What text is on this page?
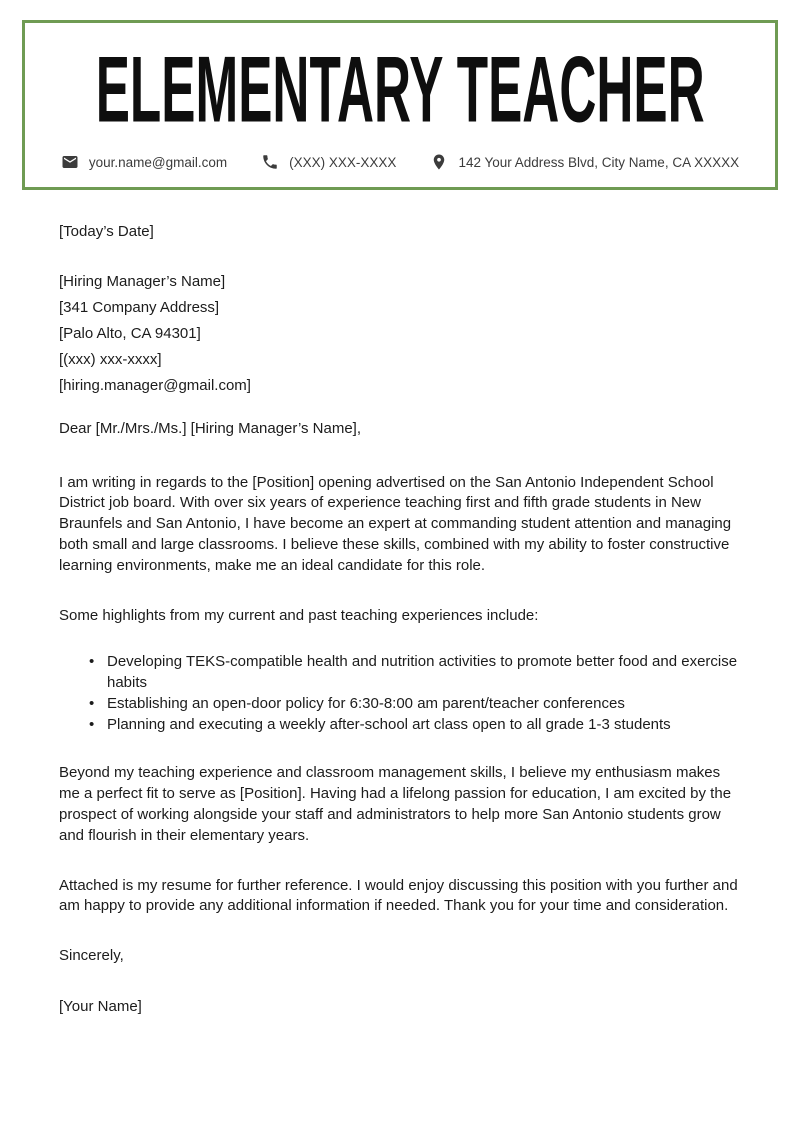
ELEMENTARY TEACHER
your.name@gmail.com	(XXX) XXX-XXXX	142 Your Address Blvd, City Name, CA XXXXX
[Today’s Date]
[Hiring Manager’s Name]
[341 Company Address]
[Palo Alto, CA 94301]
[(xxx) xxx-xxxx]
[hiring.manager@gmail.com]
Dear [Mr./Mrs./Ms.] [Hiring Manager’s Name],

I am writing in regards to the [Position] opening advertised on the San Antonio Independent School District job board. With over six years of experience teaching first and fifth grade students in New Braunfels and San Antonio, I have become an expert at commanding student attention and managing both small and large classrooms. I believe these skills, combined with my ability to foster constructive learning environments, make me an ideal candidate for this role.

Some highlights from my current and past teaching experiences include:

• Developing TEKS-compatible health and nutrition activities to promote better food and exercise habits
• Establishing an open-door policy for 6:30-8:00 am parent/teacher conferences
• Planning and executing a weekly after-school art class open to all grade 1-3 students

Beyond my teaching experience and classroom management skills, I believe my enthusiasm makes me a perfect fit to serve as [Position]. Having had a lifelong passion for education, I am excited by the prospect of working alongside your staff and administrators to help more San Antonio students grow and flourish in their elementary years.

Attached is my resume for further reference. I would enjoy discussing this position with you further and am happy to provide any additional information if needed. Thank you for your time and consideration.

Sincerely,
[Your Name]
